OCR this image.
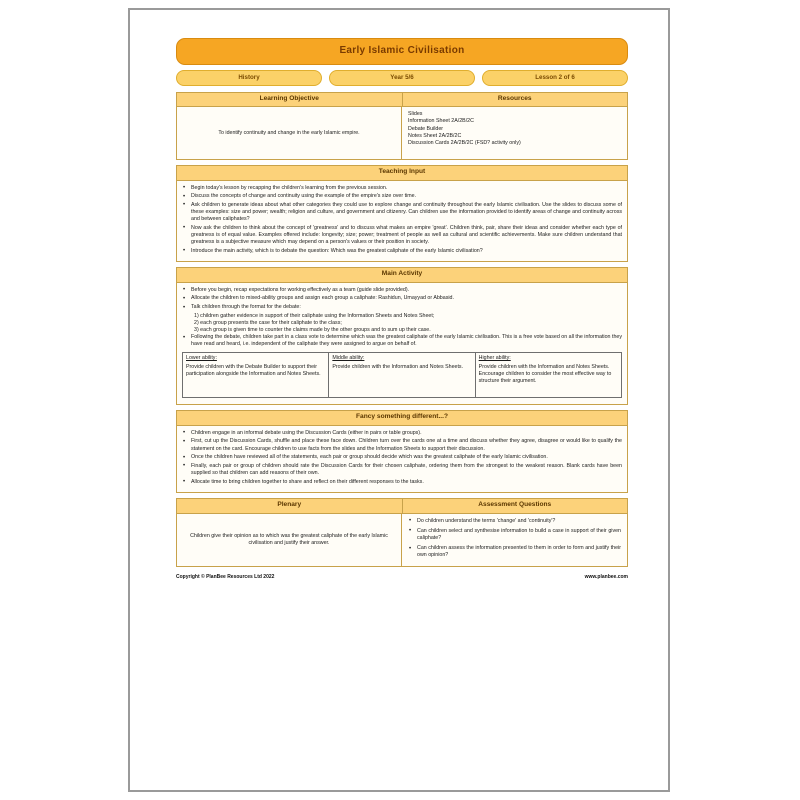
Early Islamic Civilisation
History	Year 5/6	Lesson 2 of 6
Learning Objective	Resources
To identify continuity and change in the early Islamic empire.
Slides
Information Sheet 2A/2B/2C
Debate Builder
Notes Sheet 2A/2B/2C
Discussion Cards 2A/2B/2C (FSD? activity only)
Teaching Input
• Begin today's lesson by recapping the children's learning from the previous session.
• Discuss the concepts of change and continuity using the example of the empire's size over time.
• Ask children to generate ideas about what other categories they could use to explore change and continuity throughout the early Islamic civilisation. Use the slides to discuss some of these examples: size and power; wealth; religion and culture, and government and citizenry. Can children use the information provided to identify areas of change and continuity across and between caliphates?
• Now ask the children to think about the concept of 'greatness' and to discuss what makes an empire 'great'. Children think, pair, share their ideas and consider whether each type of greatness is of equal value. Examples offered include: longevity; size; power; treatment of people as well as cultural and scientific achievements. Make sure children understand that greatness is a subjective measure which may depend on a person's values or their position in society.
• Introduce the main activity, which is to debate the question: Which was the greatest caliphate of the early Islamic civilisation?
Main Activity
• Before you begin, recap expectations for working effectively as a team (guide slide provided).
• Allocate the children to mixed-ability groups and assign each group a caliphate: Rashidun, Umayyad or Abbasid.
• Talk children through the format for the debate:
1) children gather evidence in support of their caliphate using the Information Sheets and Notes Sheet;
2) each group presents the case for their caliphate to the class;
3) each group is given time to counter the claims made by the other groups and to sum up their case.
• Following the debate, children take part in a class vote to determine which was the greatest caliphate of the early Islamic civilisation. This is a free vote based on all the information they have read and heard, i.e. independent of the caliphate they were assigned to argue on behalf of.
Lower ability:
Provide children with the Debate Builder to support their participation alongside the Information and Notes Sheets.
Middle ability:
Provide children with the Information and Notes Sheets.
Higher ability:
Provide children with the Information and Notes Sheets. Encourage children to consider the most effective way to structure their argument.
Fancy something different...?
• Children engage in an informal debate using the Discussion Cards (either in pairs or table groups).
• First, cut up the Discussion Cards, shuffle and place these face down. Children turn over the cards one at a time and discuss whether they agree, disagree or would like to qualify the statement on the card. Encourage children to use facts from the slides and the Information Sheets to support their discussion.
• Once the children have reviewed all of the statements, each pair or group should decide which was the greatest caliphate of the early Islamic civilisation.
• Finally, each pair or group of children should rate the Discussion Cards for their chosen caliphate, ordering them from the strongest to the weakest reason. Blank cards have been supplied so that children can add reasons of their own.
• Allocate time to bring children together to share and reflect on their different responses to the tasks.
Plenary	Assessment Questions
Children give their opinion as to which was the greatest caliphate of the early Islamic civilisation and justify their answer.
• Do children understand the terms 'change' and 'continuity'?
• Can children select and synthesise information to build a case in support of their given caliphate?
• Can children assess the information presented to them in order to form and justify their own opinion?
Copyright © PlanBee Resources Ltd 2022	www.planbee.com
